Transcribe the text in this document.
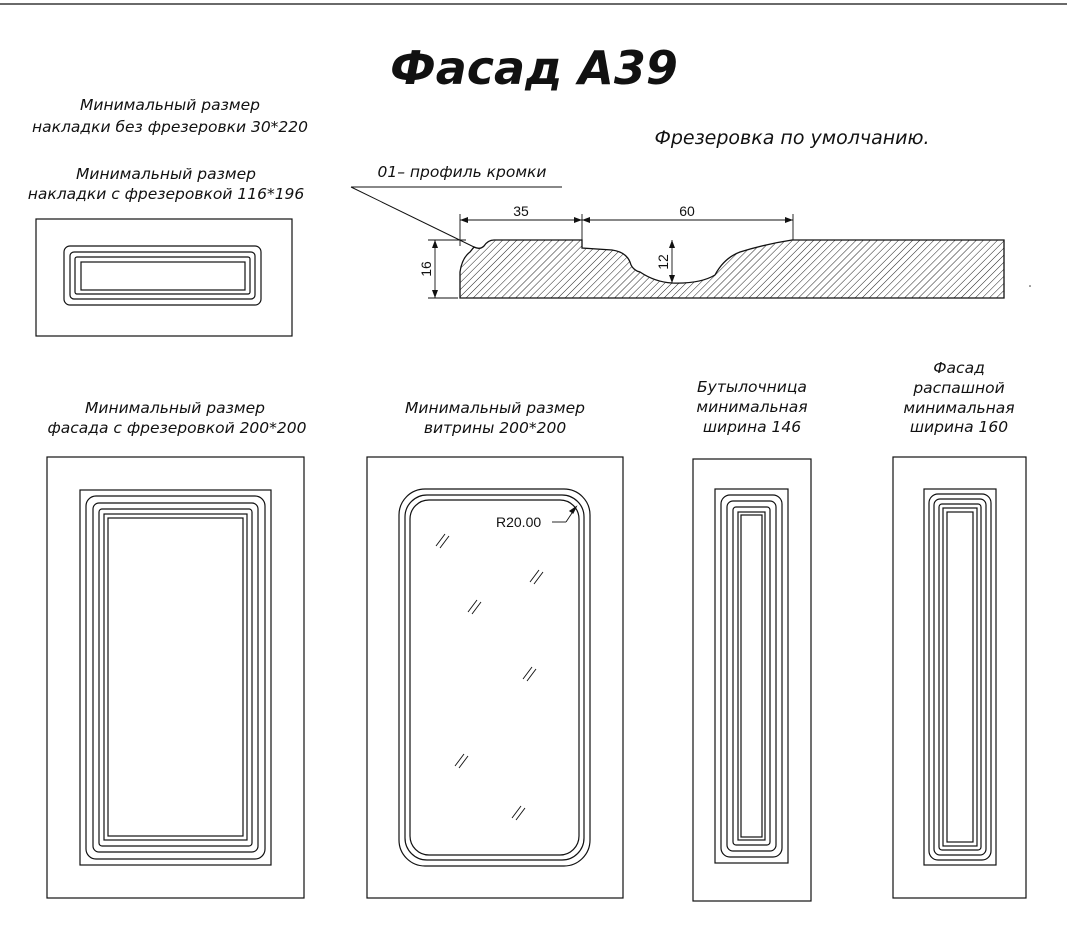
Фасад А39
Минимальный размер
накладки без фрезеровки 30*220
Минимальный размер
накладки с фрезеровкой 116*196
Фрезеровка по умолчанию.
01– профиль кромки
35	60
16	12
Минимальный размер
фасада с фрезеровкой 200*200
Минимальный размер
витрины 200*200
Бутылочница
минимальная
ширина 146
Фасад
распашной
минимальная
ширина 160
R20.00
